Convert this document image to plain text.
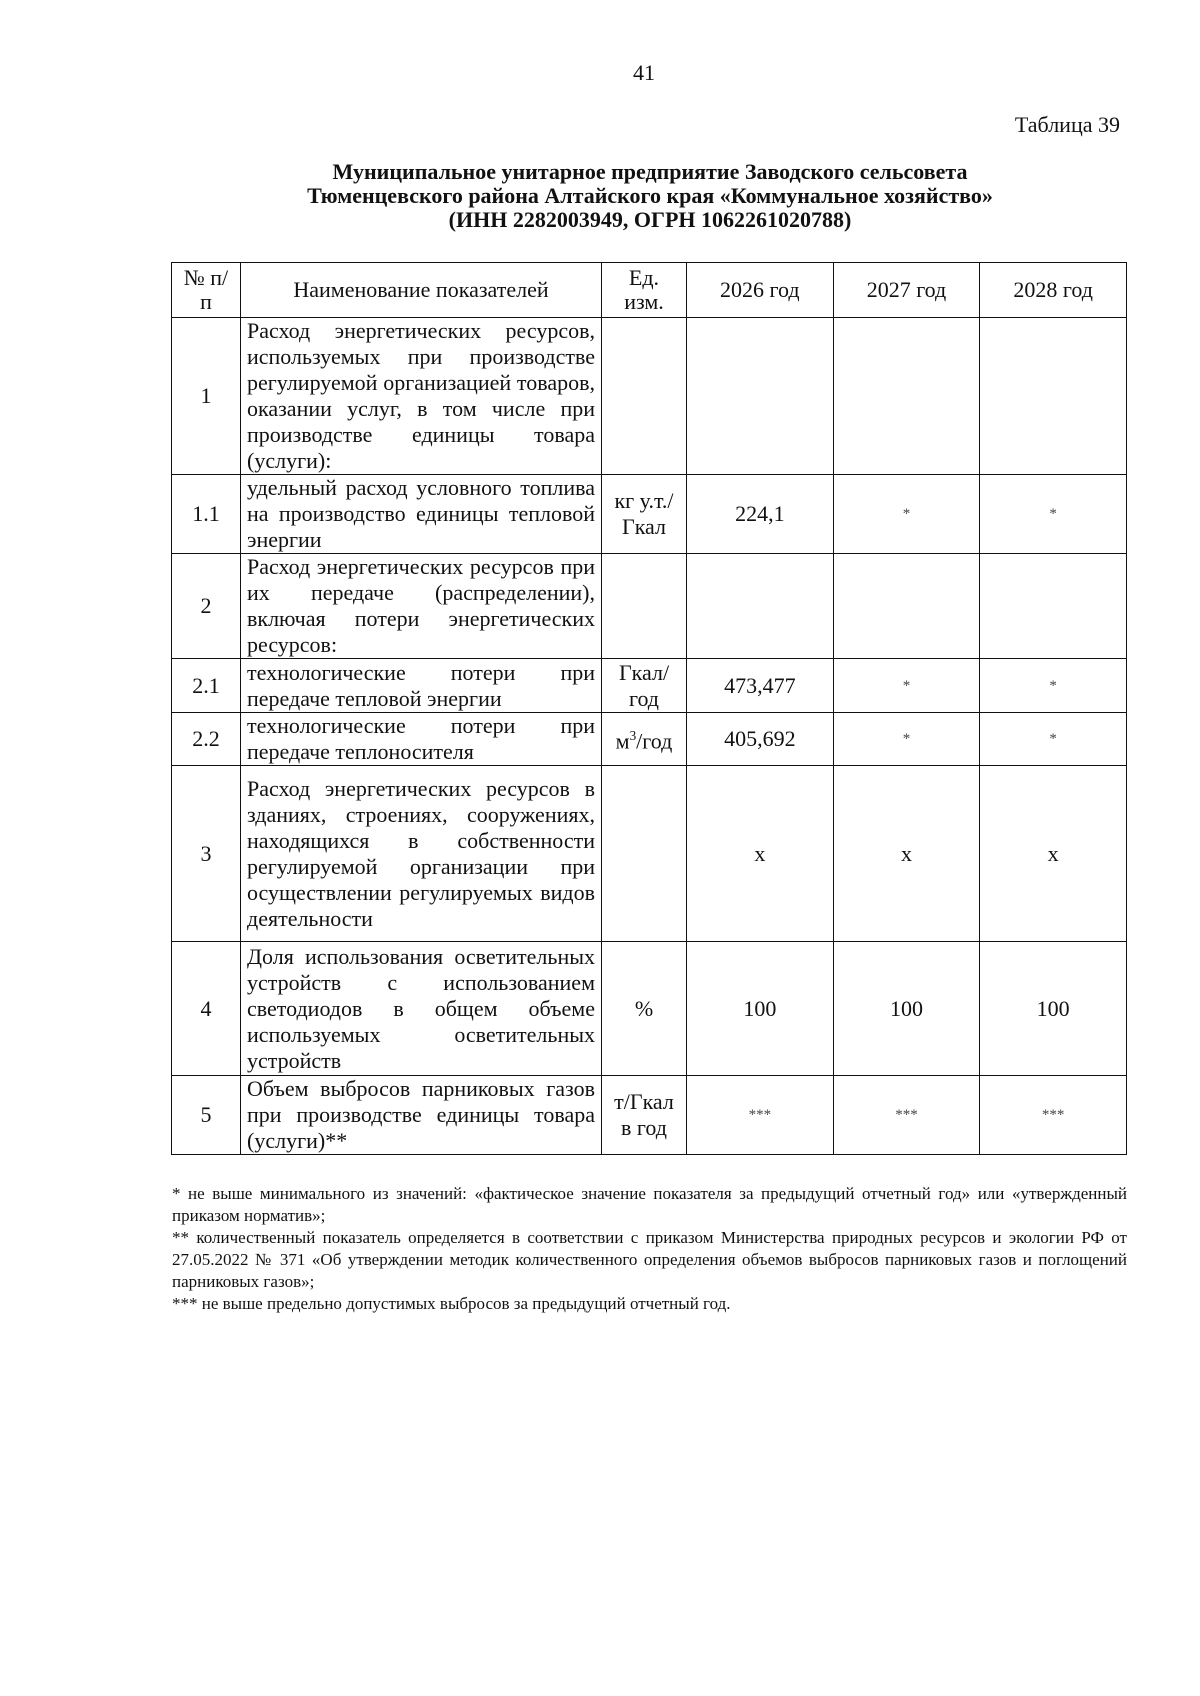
41
Таблица 39
Муниципальное унитарное предприятие Заводского сельсовета
Тюменцевского района Алтайского края «Коммунальное хозяйство»
(ИНН 2282003949, ОГРН 1062261020788)
№ п/п	Наименование показателей	Ед. изм.	2026 год	2027 год	2028 год
1	Расход энергетических ресурсов, используемых при производстве регулируемой организацией товаров, оказании услуг, в том числе при производстве единицы товара (услуги):				
1.1	удельный расход условного топлива на производство единицы тепловой энергии	кг у.т./ Гкал	224,1	*	*
2	Расход энергетических ресурсов при их передаче (распределении), включая потери энергетических ресурсов:				
2.1	технологические потери при передаче тепловой энергии	Гкал/ год	473,477	*	*
2.2	технологические потери при передаче теплоносителя	$м^3$/год	405,692	*	*
3	Расход энергетических ресурсов в зданиях, строениях, сооружениях, находящихся в собственности регулируемой организации при осуществлении регулируемых видов деятельности		х	х	х
4	Доля использования осветительных устройств с использованием светодиодов в общем объеме используемых осветительных устройств	%	100	100	100
5	Объем выбросов парниковых газов при производстве единицы товара (услуги)**	т/Гкал в год	***	***	***

* не выше минимального из значений: «фактическое значение показателя за предыдущий отчетный год» или «утвержденный приказом норматив»;

** количественный показатель определяется в соответствии с приказом Министерства природных ресурсов и экологии РФ от 27.05.2022 № 371 «Об утверждении методик количественного определения объемов выбросов парниковых газов и поглощений парниковых газов»;

*** не выше предельно допустимых выбросов за предыдущий отчетный год.
